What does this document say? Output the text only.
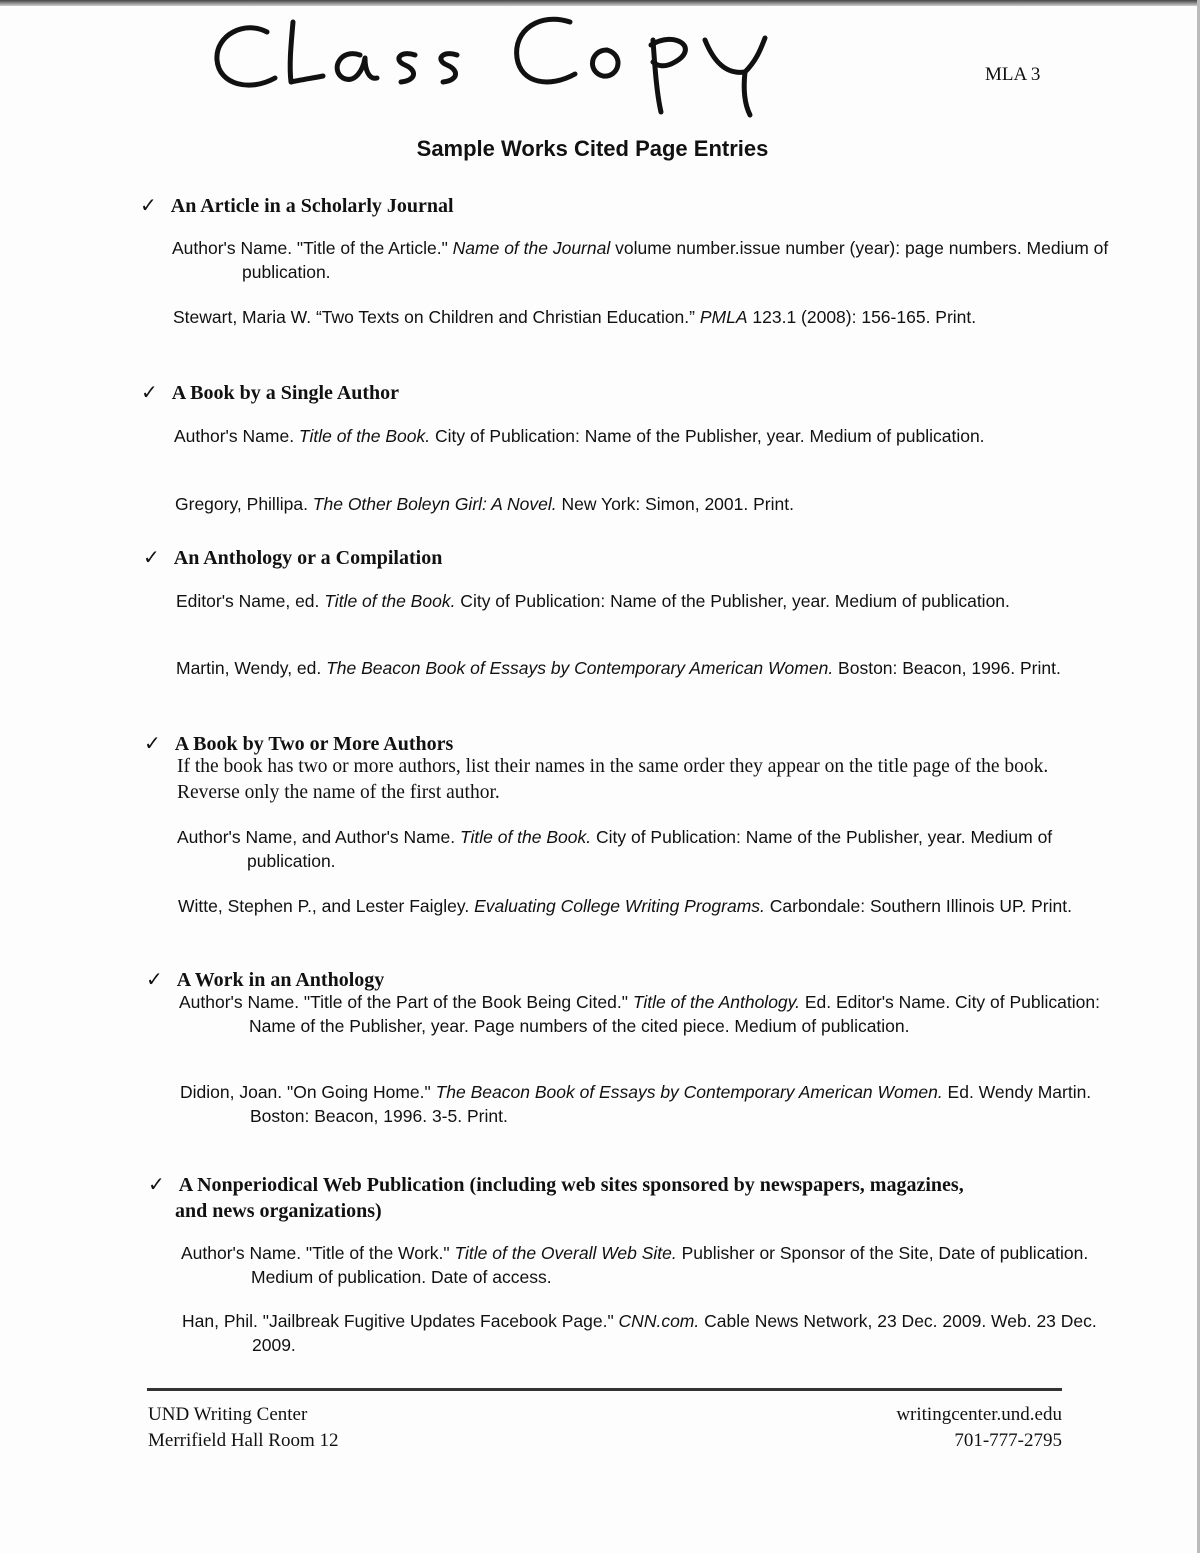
MLA 3
Sample Works Cited Page Entries
✓ An Article in a Scholarly Journal
Author's Name. "Title of the Article." Name of the Journal volume number.issue number (year): page numbers. Medium of publication.
Stewart, Maria W. “Two Texts on Children and Christian Education.” PMLA 123.1 (2008): 156-165. Print.
✓ A Book by a Single Author
Author's Name. Title of the Book. City of Publication: Name of the Publisher, year. Medium of publication.
Gregory, Phillipa. The Other Boleyn Girl: A Novel. New York: Simon, 2001. Print.
✓ An Anthology or a Compilation
Editor's Name, ed. Title of the Book. City of Publication: Name of the Publisher, year. Medium of publication.
Martin, Wendy, ed. The Beacon Book of Essays by Contemporary American Women. Boston: Beacon, 1996. Print.
✓ A Book by Two or More Authors
If the book has two or more authors, list their names in the same order they appear on the title page of the book. Reverse only the name of the first author.
Author's Name, and Author's Name. Title of the Book. City of Publication: Name of the Publisher, year. Medium of publication.
Witte, Stephen P., and Lester Faigley. Evaluating College Writing Programs. Carbondale: Southern Illinois UP. Print.
✓ A Work in an Anthology
Author's Name. "Title of the Part of the Book Being Cited." Title of the Anthology. Ed. Editor's Name. City of Publication: Name of the Publisher, year. Page numbers of the cited piece. Medium of publication.
Didion, Joan. "On Going Home." The Beacon Book of Essays by Contemporary American Women. Ed. Wendy Martin. Boston: Beacon, 1996. 3-5. Print.
✓ A Nonperiodical Web Publication (including web sites sponsored by newspapers, magazines,
and news organizations)
Author's Name. "Title of the Work." Title of the Overall Web Site. Publisher or Sponsor of the Site, Date of publication. Medium of publication. Date of access.
Han, Phil. "Jailbreak Fugitive Updates Facebook Page." CNN.com. Cable News Network, 23 Dec. 2009. Web. 23 Dec. 2009.
UND Writing Center
Merrifield Hall Room 12
writingcenter.und.edu
701-777-2795
